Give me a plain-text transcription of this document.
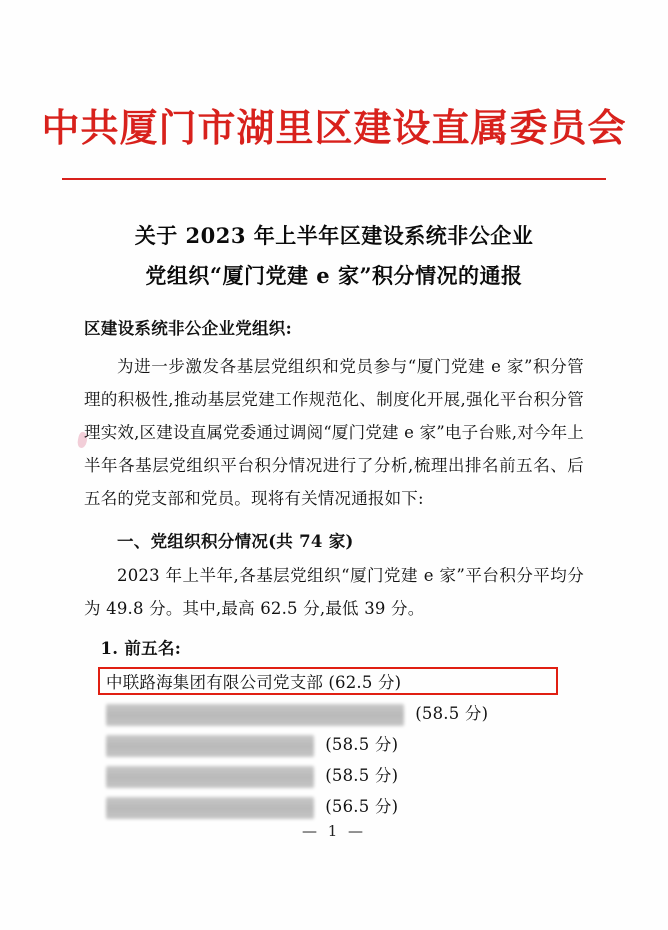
中共厦门市湖里区建设直属委员会
关于 2023 年上半年区建设系统非公企业
党组织“厦门党建 e 家”积分情况的通报
区建设系统非公企业党组织:

为进一步激发各基层党组织和党员参与“厦门党建 e 家”积分管理的积极性,推动基层党建工作规范化、制度化开展,强化平台积分管理实效,区建设直属党委通过调阅“厦门党建 e 家”电子台账,对今年上半年各基层党组织平台积分情况进行了分析,梳理出排名前五名、后五名的党支部和党员。现将有关情况通报如下:

一、党组织积分情况(共 74 家)

2023 年上半年,各基层党组织“厦门党建 e 家”平台积分平均分为 49.8 分。其中,最高 62.5 分,最低 39 分。

1. 前五名:
中联路海集团有限公司党支部 (62.5 分)
(58.5 分)
(58.5 分)
(58.5 分)
(56.5 分)
— 1 —
